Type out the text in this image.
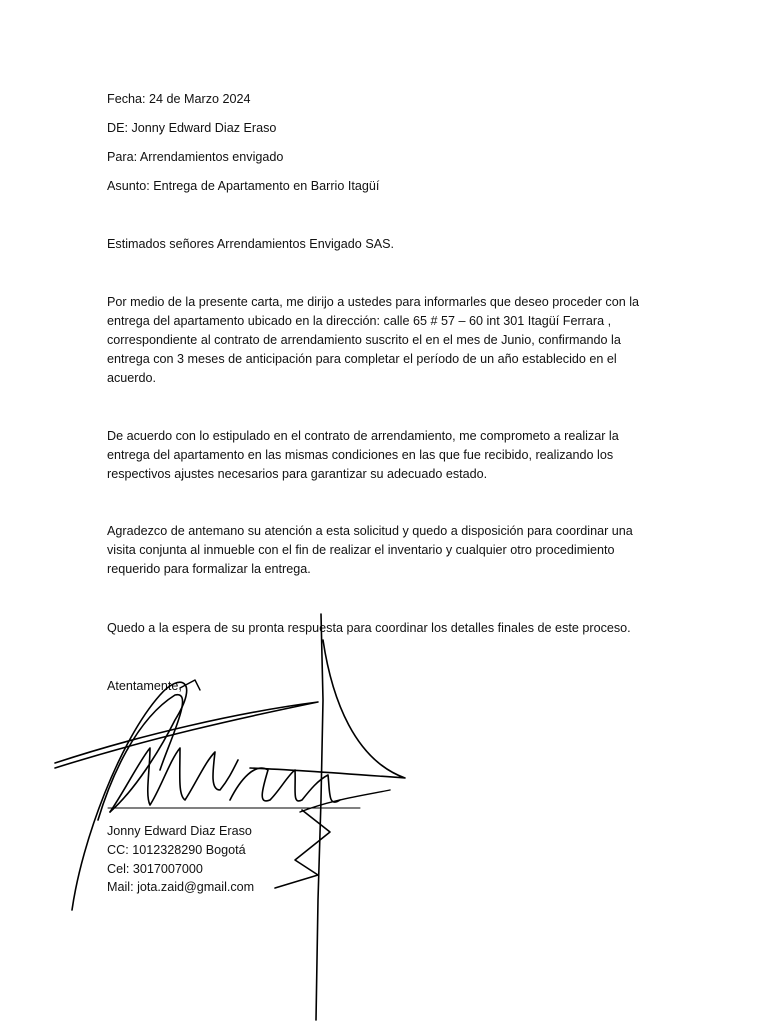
Fecha: 24 de Marzo 2024
DE: Jonny Edward Diaz Eraso
Para: Arrendamientos envigado
Asunto: Entrega de Apartamento en Barrio Itagüí
Estimados señores Arrendamientos Envigado SAS.
Por medio de la presente carta, me dirijo a ustedes para informarles que deseo proceder con la entrega del apartamento ubicado en la dirección: calle 65 # 57 – 60 int 301 Itagüí Ferrara , correspondiente al contrato de arrendamiento suscrito el en el mes de Junio, confirmando la entrega con 3 meses de anticipación para completar el período de un año establecido en el acuerdo.
De acuerdo con lo estipulado en el contrato de arrendamiento, me comprometo a realizar la entrega del apartamento en las mismas condiciones en las que fue recibido, realizando los respectivos ajustes necesarios para garantizar su adecuado estado.
Agradezco de antemano su atención a esta solicitud y quedo a disposición para coordinar una visita conjunta al inmueble con el fin de realizar el inventario y cualquier otro procedimiento requerido para formalizar la entrega.
Quedo a la espera de su pronta respuesta para coordinar los detalles finales de este proceso.
Atentamente,
Jonny Edward Diaz Eraso
CC: 1012328290 Bogotá
Cel: 3017007000
Mail: jota.zaid@gmail.com
